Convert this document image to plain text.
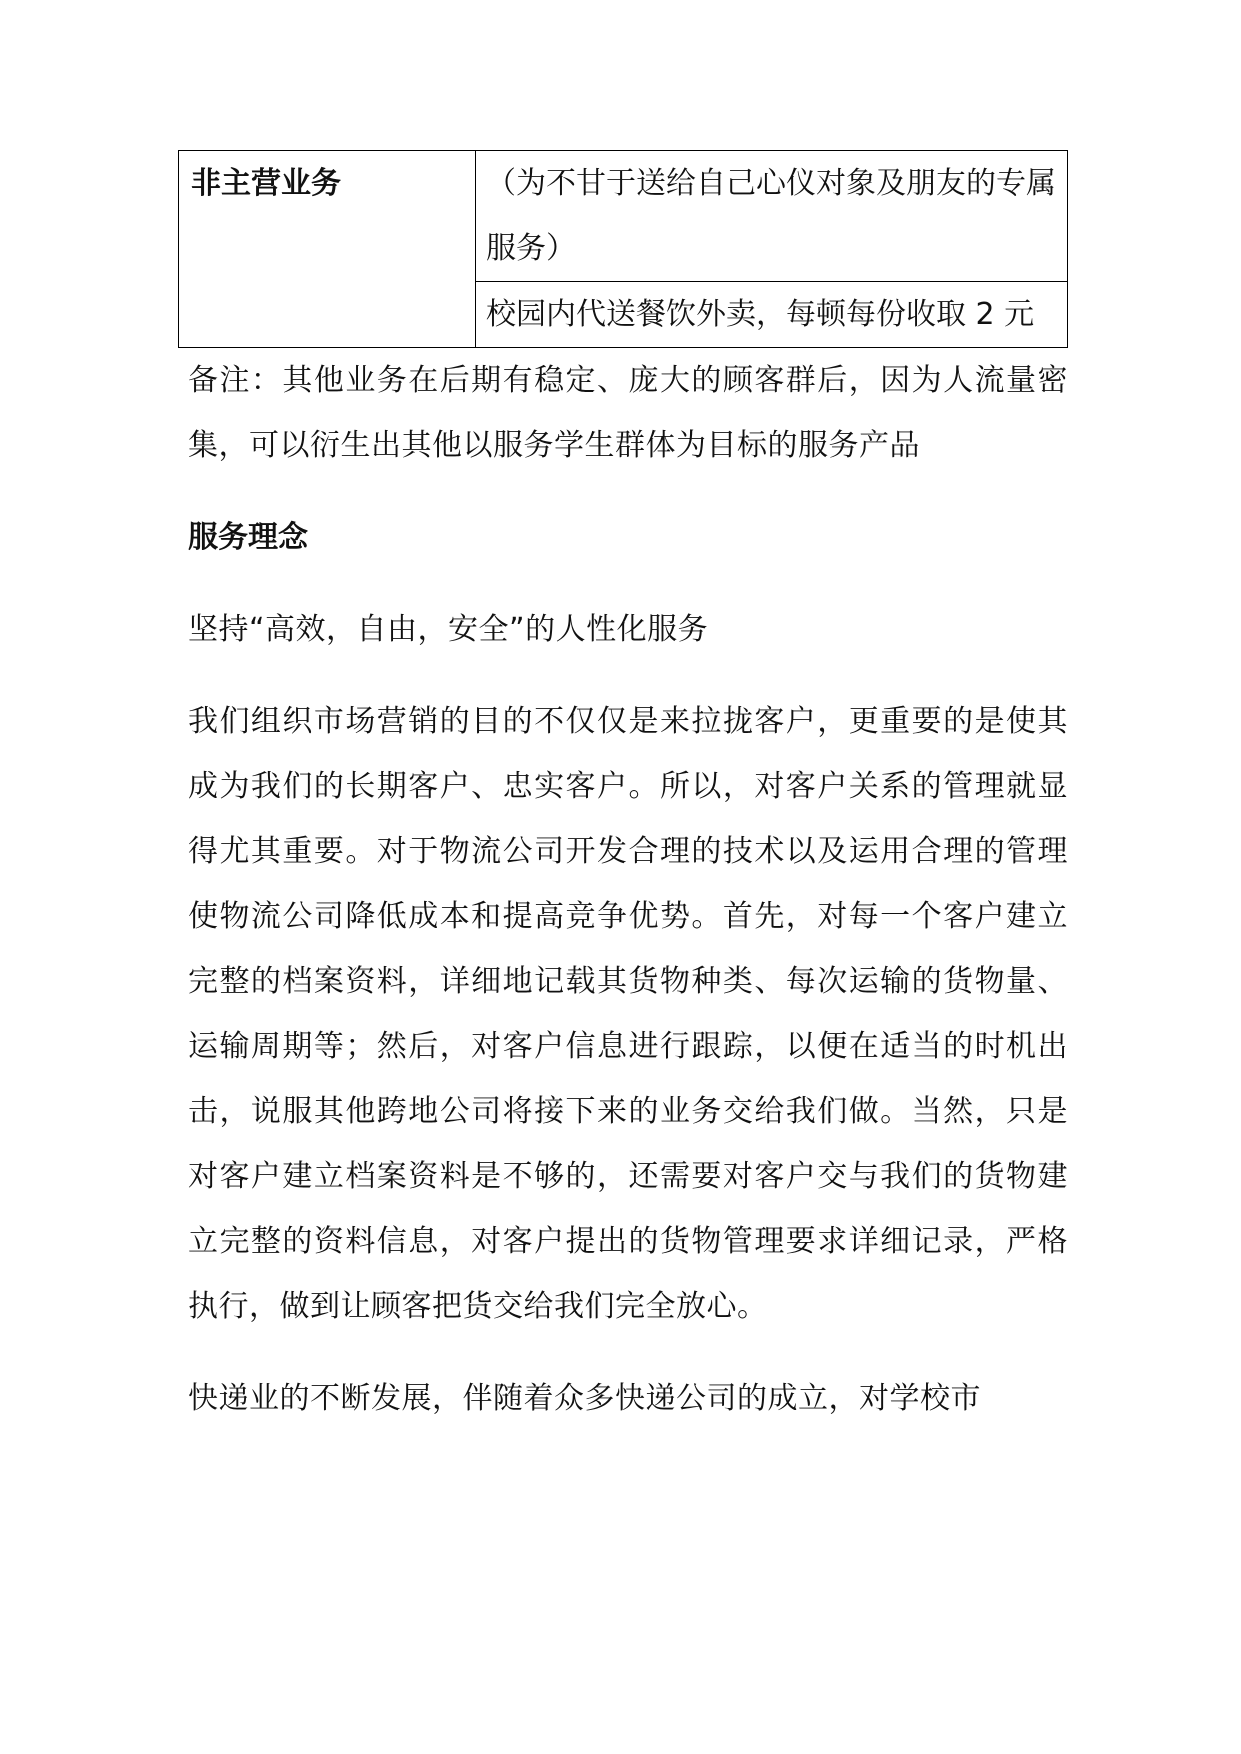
非主营业务	（为不甘于送给自己心仪对象及朋友的专属服务）
校园内代送餐饮外卖，每顿每份收取 2 元

备注：其他业务在后期有稳定、庞大的顾客群后，因为人流量密集，可以衍生出其他以服务学生群体为目标的服务产品

服务理念

坚持“高效，自由，安全”的人性化服务

我们组织市场营销的目的不仅仅是来拉拢客户，更重要的是使其成为我们的长期客户、忠实客户。所以，对客户关系的管理就显得尤其重要。对于物流公司开发合理的技术以及运用合理的管理使物流公司降低成本和提高竞争优势。首先，对每一个客户建立完整的档案资料，详细地记载其货物种类、每次运输的货物量、运输周期等；然后，对客户信息进行跟踪，以便在适当的时机出击，说服其他跨地公司将接下来的业务交给我们做。当然，只是对客户建立档案资料是不够的，还需要对客户交与我们的货物建立完整的资料信息，对客户提出的货物管理要求详细记录，严格执行，做到让顾客把货交给我们完全放心。

快递业的不断发展，伴随着众多快递公司的成立，对学校市
